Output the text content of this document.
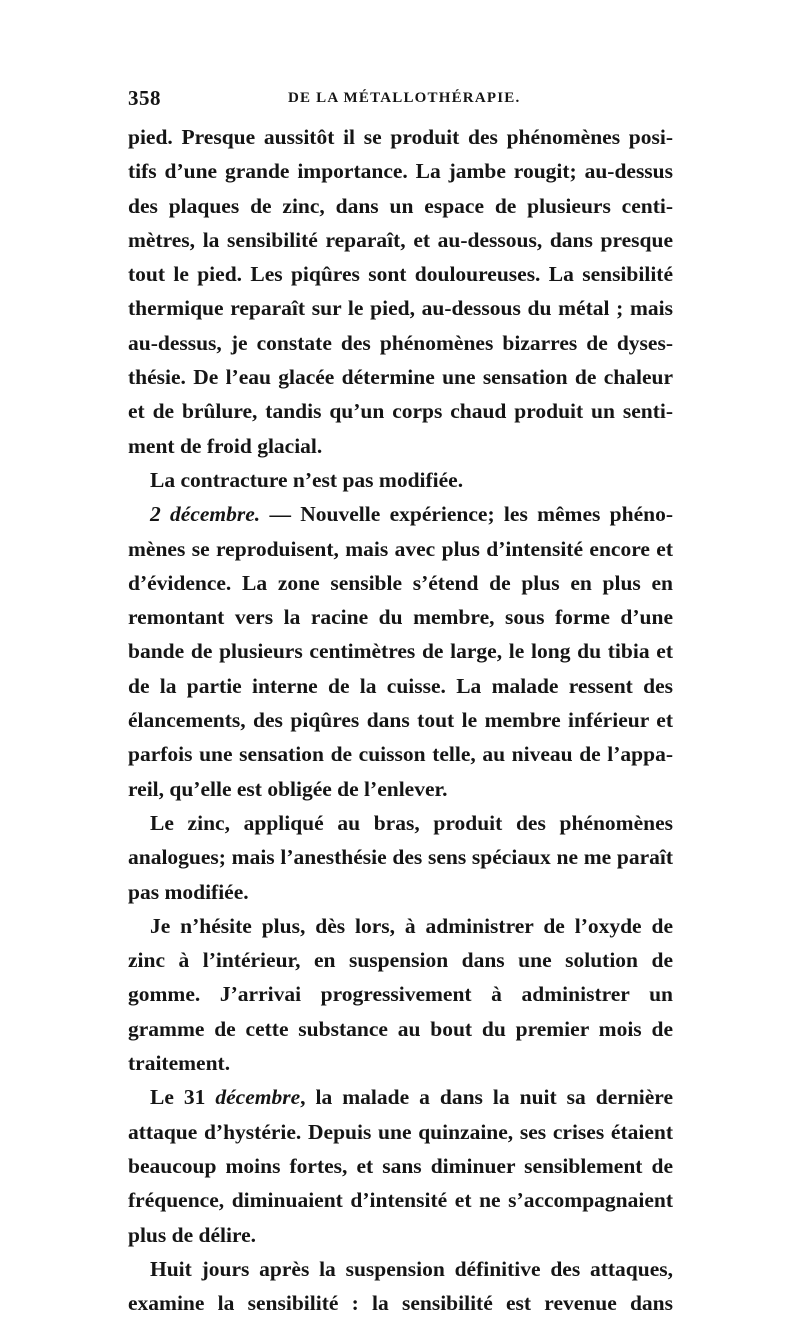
358	DE LA MÉTALLOTHÉRAPIE.

pied. Presque aussitôt il se produit des phénomènes posi-
tifs d’une grande importance. La jambe rougit; au-dessus
des plaques de zinc, dans un espace de plusieurs centi-
mètres, la sensibilité reparaît, et au-dessous, dans presque
tout le pied. Les piqûres sont douloureuses. La sensibilité
thermique reparaît sur le pied, au-dessous du métal ; mais
au-dessus, je constate des phénomènes bizarres de dyses-
thésie. De l’eau glacée détermine une sensation de chaleur
et de brûlure, tandis qu’un corps chaud produit un senti-
ment de froid glacial.

La contracture n’est pas modifiée.

2 décembre. — Nouvelle expérience; les mêmes phéno-
mènes se reproduisent, mais avec plus d’intensité encore et
d’évidence. La zone sensible s’étend de plus en plus en
remontant vers la racine du membre, sous forme d’une
bande de plusieurs centimètres de large, le long du tibia et
de la partie interne de la cuisse. La malade ressent des
élancements, des piqûres dans tout le membre inférieur et
parfois une sensation de cuisson telle, au niveau de l’appa-
reil, qu’elle est obligée de l’enlever.

Le zinc, appliqué au bras, produit des phénomènes
analogues; mais l’anesthésie des sens spéciaux ne me paraît
pas modifiée.

Je n’hésite plus, dès lors, à administrer de l’oxyde de
zinc à l’intérieur, en suspension dans une solution de
gomme. J’arrivai progressivement à administrer un
gramme de cette substance au bout du premier mois de
traitement.

Le 31 décembre, la malade a dans la nuit sa dernière
attaque d’hystérie. Depuis une quinzaine, ses crises étaient
beaucoup moins fortes, et sans diminuer sensiblement de
fréquence, diminuaient d’intensité et ne s’accompagnaient
plus de délire.

Huit jours après la suspension définitive des attaques,
examine la sensibilité : la sensibilité est revenue dans
